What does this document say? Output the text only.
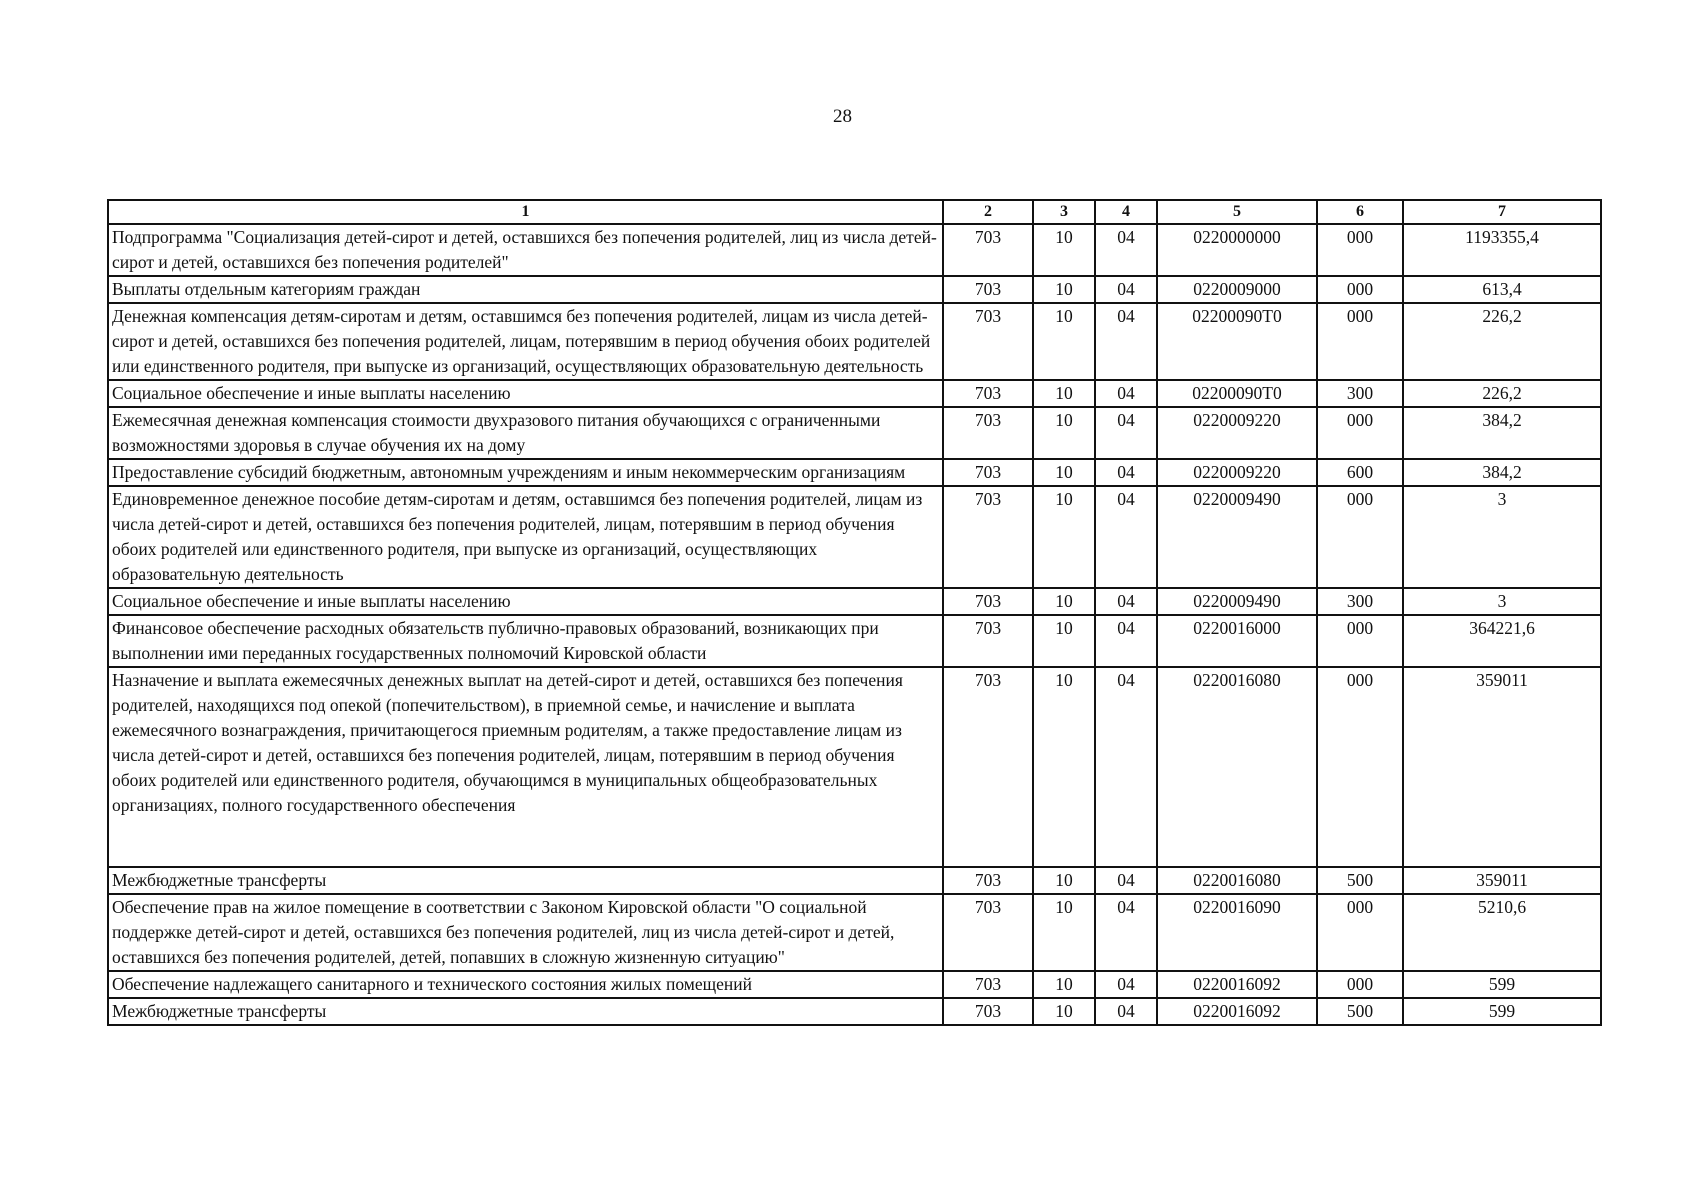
28
1	2	3	4	5	6	7
Подпрограмма "Социализация детей-сирот и детей, оставшихся без попечения родителей, лиц из числа детей-сирот и детей, оставшихся без попечения родителей"	703	10	04	0220000000	000	1193355,4
Выплаты отдельным категориям граждан	703	10	04	0220009000	000	613,4
Денежная компенсация детям-сиротам и детям, оставшимся без попечения родителей, лицам из числа детей-сирот и детей, оставшихся без попечения родителей, лицам, потерявшим в период обучения обоих родителей или единственного родителя, при выпуске из организаций, осуществляющих образовательную деятельность	703	10	04	02200090Т0	000	226,2
Социальное обеспечение и иные выплаты населению	703	10	04	02200090Т0	300	226,2
Ежемесячная денежная компенсация стоимости двухразового питания обучающихся с ограниченными возможностями здоровья в случае обучения их на дому	703	10	04	0220009220	000	384,2
Предоставление субсидий бюджетным, автономным учреждениям и иным некоммерческим организациям	703	10	04	0220009220	600	384,2
Единовременное денежное пособие детям-сиротам и детям, оставшимся без попечения родителей, лицам из числа детей-сирот и детей, оставшихся без попечения родителей, лицам, потерявшим в период обучения обоих родителей или единственного родителя, при выпуске из организаций, осуществляющих образовательную деятельность	703	10	04	0220009490	000	3
Социальное обеспечение и иные выплаты населению	703	10	04	0220009490	300	3
Финансовое обеспечение расходных обязательств публично-правовых образований, возникающих при выполнении ими переданных государственных полномочий Кировской области	703	10	04	0220016000	000	364221,6
Назначение и выплата ежемесячных денежных выплат на детей-сирот и детей, оставшихся без попечения родителей, находящихся под опекой (попечительством), в приемной семье, и начисление и выплата ежемесячного вознаграждения, причитающегося приемным родителям, а также предоставление лицам из числа детей-сирот и детей, оставшихся без попечения родителей, лицам, потерявшим в период обучения обоих родителей или единственного родителя, обучающимся в муниципальных общеобразовательных организациях, полного государственного обеспечения	703	10	04	0220016080	000	359011
Межбюджетные трансферты	703	10	04	0220016080	500	359011
Обеспечение прав на жилое помещение в соответствии с Законом Кировской области "О социальной поддержке детей-сирот и детей, оставшихся без попечения родителей, лиц из числа детей-сирот и детей, оставшихся без попечения родителей, детей, попавших в сложную жизненную ситуацию"	703	10	04	0220016090	000	5210,6
Обеспечение надлежащего санитарного и технического состояния жилых помещений	703	10	04	0220016092	000	599
Межбюджетные трансферты	703	10	04	0220016092	500	599
